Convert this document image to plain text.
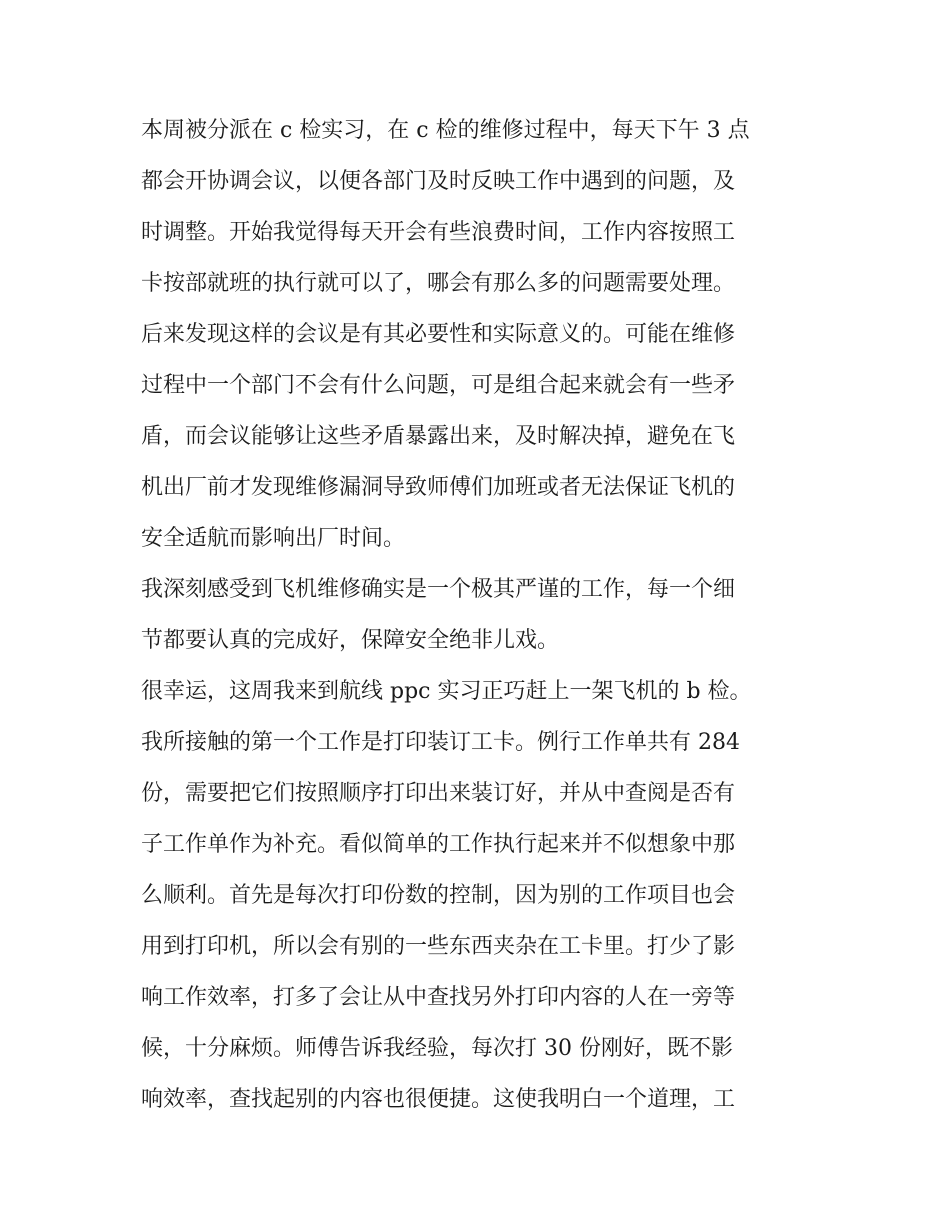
本周被分派在 c 检实习，在 c 检的维修过程中，每天下午 3 点
都会开协调会议，以便各部门及时反映工作中遇到的问题，及
时调整。开始我觉得每天开会有些浪费时间，工作内容按照工
卡按部就班的执行就可以了，哪会有那么多的问题需要处理。
后来发现这样的会议是有其必要性和实际意义的。可能在维修
过程中一个部门不会有什么问题，可是组合起来就会有一些矛
盾，而会议能够让这些矛盾暴露出来，及时解决掉，避免在飞
机出厂前才发现维修漏洞导致师傅们加班或者无法保证飞机的
安全适航而影响出厂时间。
我深刻感受到飞机维修确实是一个极其严谨的工作，每一个细
节都要认真的完成好，保障安全绝非儿戏。
很幸运，这周我来到航线 ppc 实习正巧赶上一架飞机的 b 检。
我所接触的第一个工作是打印装订工卡。例行工作单共有 284
份，需要把它们按照顺序打印出来装订好，并从中查阅是否有
子工作单作为补充。看似简单的工作执行起来并不似想象中那
么顺利。首先是每次打印份数的控制，因为别的工作项目也会
用到打印机，所以会有别的一些东西夹杂在工卡里。打少了影
响工作效率，打多了会让从中查找另外打印内容的人在一旁等
候，十分麻烦。师傅告诉我经验，每次打 30 份刚好，既不影
响效率，查找起别的内容也很便捷。这使我明白一个道理，工
